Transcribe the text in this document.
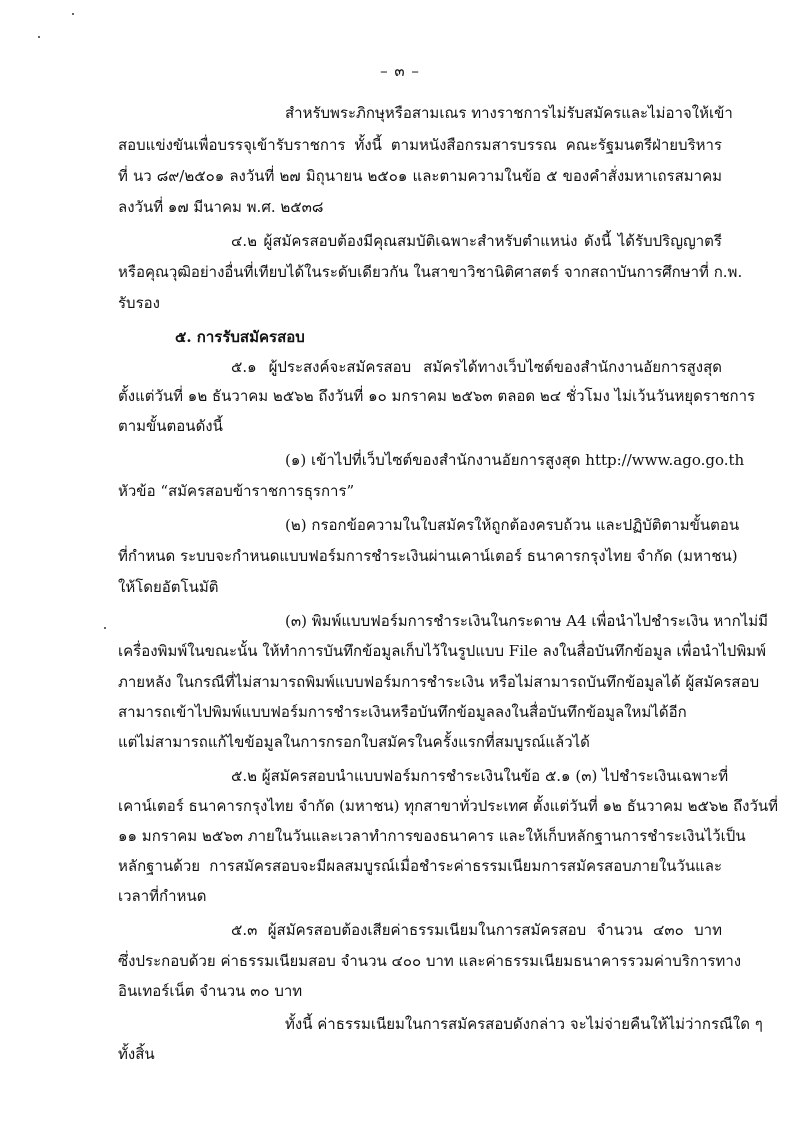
– ๓ –
สำหรับพระภิกษุหรือสามเณร ทางราชการไม่รับสมัครและไม่อาจให้เข้า
สอบแข่งขันเพื่อบรรจุเข้ารับราชการ ทั้งนี้ ตามหนังสือกรมสารบรรณ คณะรัฐมนตรีฝ่ายบริหาร
ที่ นว ๘๙/๒๕๐๑ ลงวันที่ ๒๗ มิถุนายน ๒๕๐๑ และตามความในข้อ ๕ ของคำสั่งมหาเถรสมาคม
ลงวันที่ ๑๗ มีนาคม พ.ศ. ๒๕๓๘
๔.๒ ผู้สมัครสอบต้องมีคุณสมบัติเฉพาะสำหรับตำแหน่ง ดังนี้ ได้รับปริญญาตรี
หรือคุณวุฒิอย่างอื่นที่เทียบได้ในระดับเดียวกัน ในสาขาวิชานิติศาสตร์ จากสถาบันการศึกษาที่ ก.พ.
รับรอง
๕. การรับสมัครสอบ
๕.๑ ผู้ประสงค์จะสมัครสอบ สมัครได้ทางเว็บไซต์ของสำนักงานอัยการสูงสุด
ตั้งแต่วันที่ ๑๒ ธันวาคม ๒๕๖๒ ถึงวันที่ ๑๐ มกราคม ๒๕๖๓ ตลอด ๒๔ ชั่วโมง ไม่เว้นวันหยุดราชการ
ตามขั้นตอนดังนี้
(๑) เข้าไปที่เว็บไซต์ของสำนักงานอัยการสูงสุด http://www.ago.go.th
หัวข้อ “สมัครสอบข้าราชการธุรการ”
(๒) กรอกข้อความในใบสมัครให้ถูกต้องครบถ้วน และปฏิบัติตามขั้นตอน
ที่กำหนด ระบบจะกำหนดแบบฟอร์มการชำระเงินผ่านเคาน์เตอร์ ธนาคารกรุงไทย จำกัด (มหาชน)
ให้โดยอัตโนมัติ
(๓) พิมพ์แบบฟอร์มการชำระเงินในกระดาษ A4 เพื่อนำไปชำระเงิน หากไม่มี
เครื่องพิมพ์ในขณะนั้น ให้ทำการบันทึกข้อมูลเก็บไว้ในรูปแบบ File ลงในสื่อบันทึกข้อมูล เพื่อนำไปพิมพ์
ภายหลัง ในกรณีที่ไม่สามารถพิมพ์แบบฟอร์มการชำระเงิน หรือไม่สามารถบันทึกข้อมูลได้ ผู้สมัครสอบ
สามารถเข้าไปพิมพ์แบบฟอร์มการชำระเงินหรือบันทึกข้อมูลลงในสื่อบันทึกข้อมูลใหม่ได้อีก
แต่ไม่สามารถแก้ไขข้อมูลในการกรอกใบสมัครในครั้งแรกที่สมบูรณ์แล้วได้
๕.๒ ผู้สมัครสอบนำแบบฟอร์มการชำระเงินในข้อ ๕.๑ (๓) ไปชำระเงินเฉพาะที่
เคาน์เตอร์ ธนาคารกรุงไทย จำกัด (มหาชน) ทุกสาขาทั่วประเทศ ตั้งแต่วันที่ ๑๒ ธันวาคม ๒๕๖๒ ถึงวันที่
๑๑ มกราคม ๒๕๖๓ ภายในวันและเวลาทำการของธนาคาร และให้เก็บหลักฐานการชำระเงินไว้เป็น
หลักฐานด้วย การสมัครสอบจะมีผลสมบูรณ์เมื่อชำระค่าธรรมเนียมการสมัครสอบภายในวันและ
เวลาที่กำหนด
๕.๓ ผู้สมัครสอบต้องเสียค่าธรรมเนียมในการสมัครสอบ จำนวน ๔๓๐ บาท
ซึ่งประกอบด้วย ค่าธรรมเนียมสอบ จำนวน ๔๐๐ บาท และค่าธรรมเนียมธนาคารรวมค่าบริการทาง
อินเทอร์เน็ต จำนวน ๓๐ บาท
ทั้งนี้ ค่าธรรมเนียมในการสมัครสอบดังกล่าว จะไม่จ่ายคืนให้ไม่ว่ากรณีใด ๆ
ทั้งสิ้น
